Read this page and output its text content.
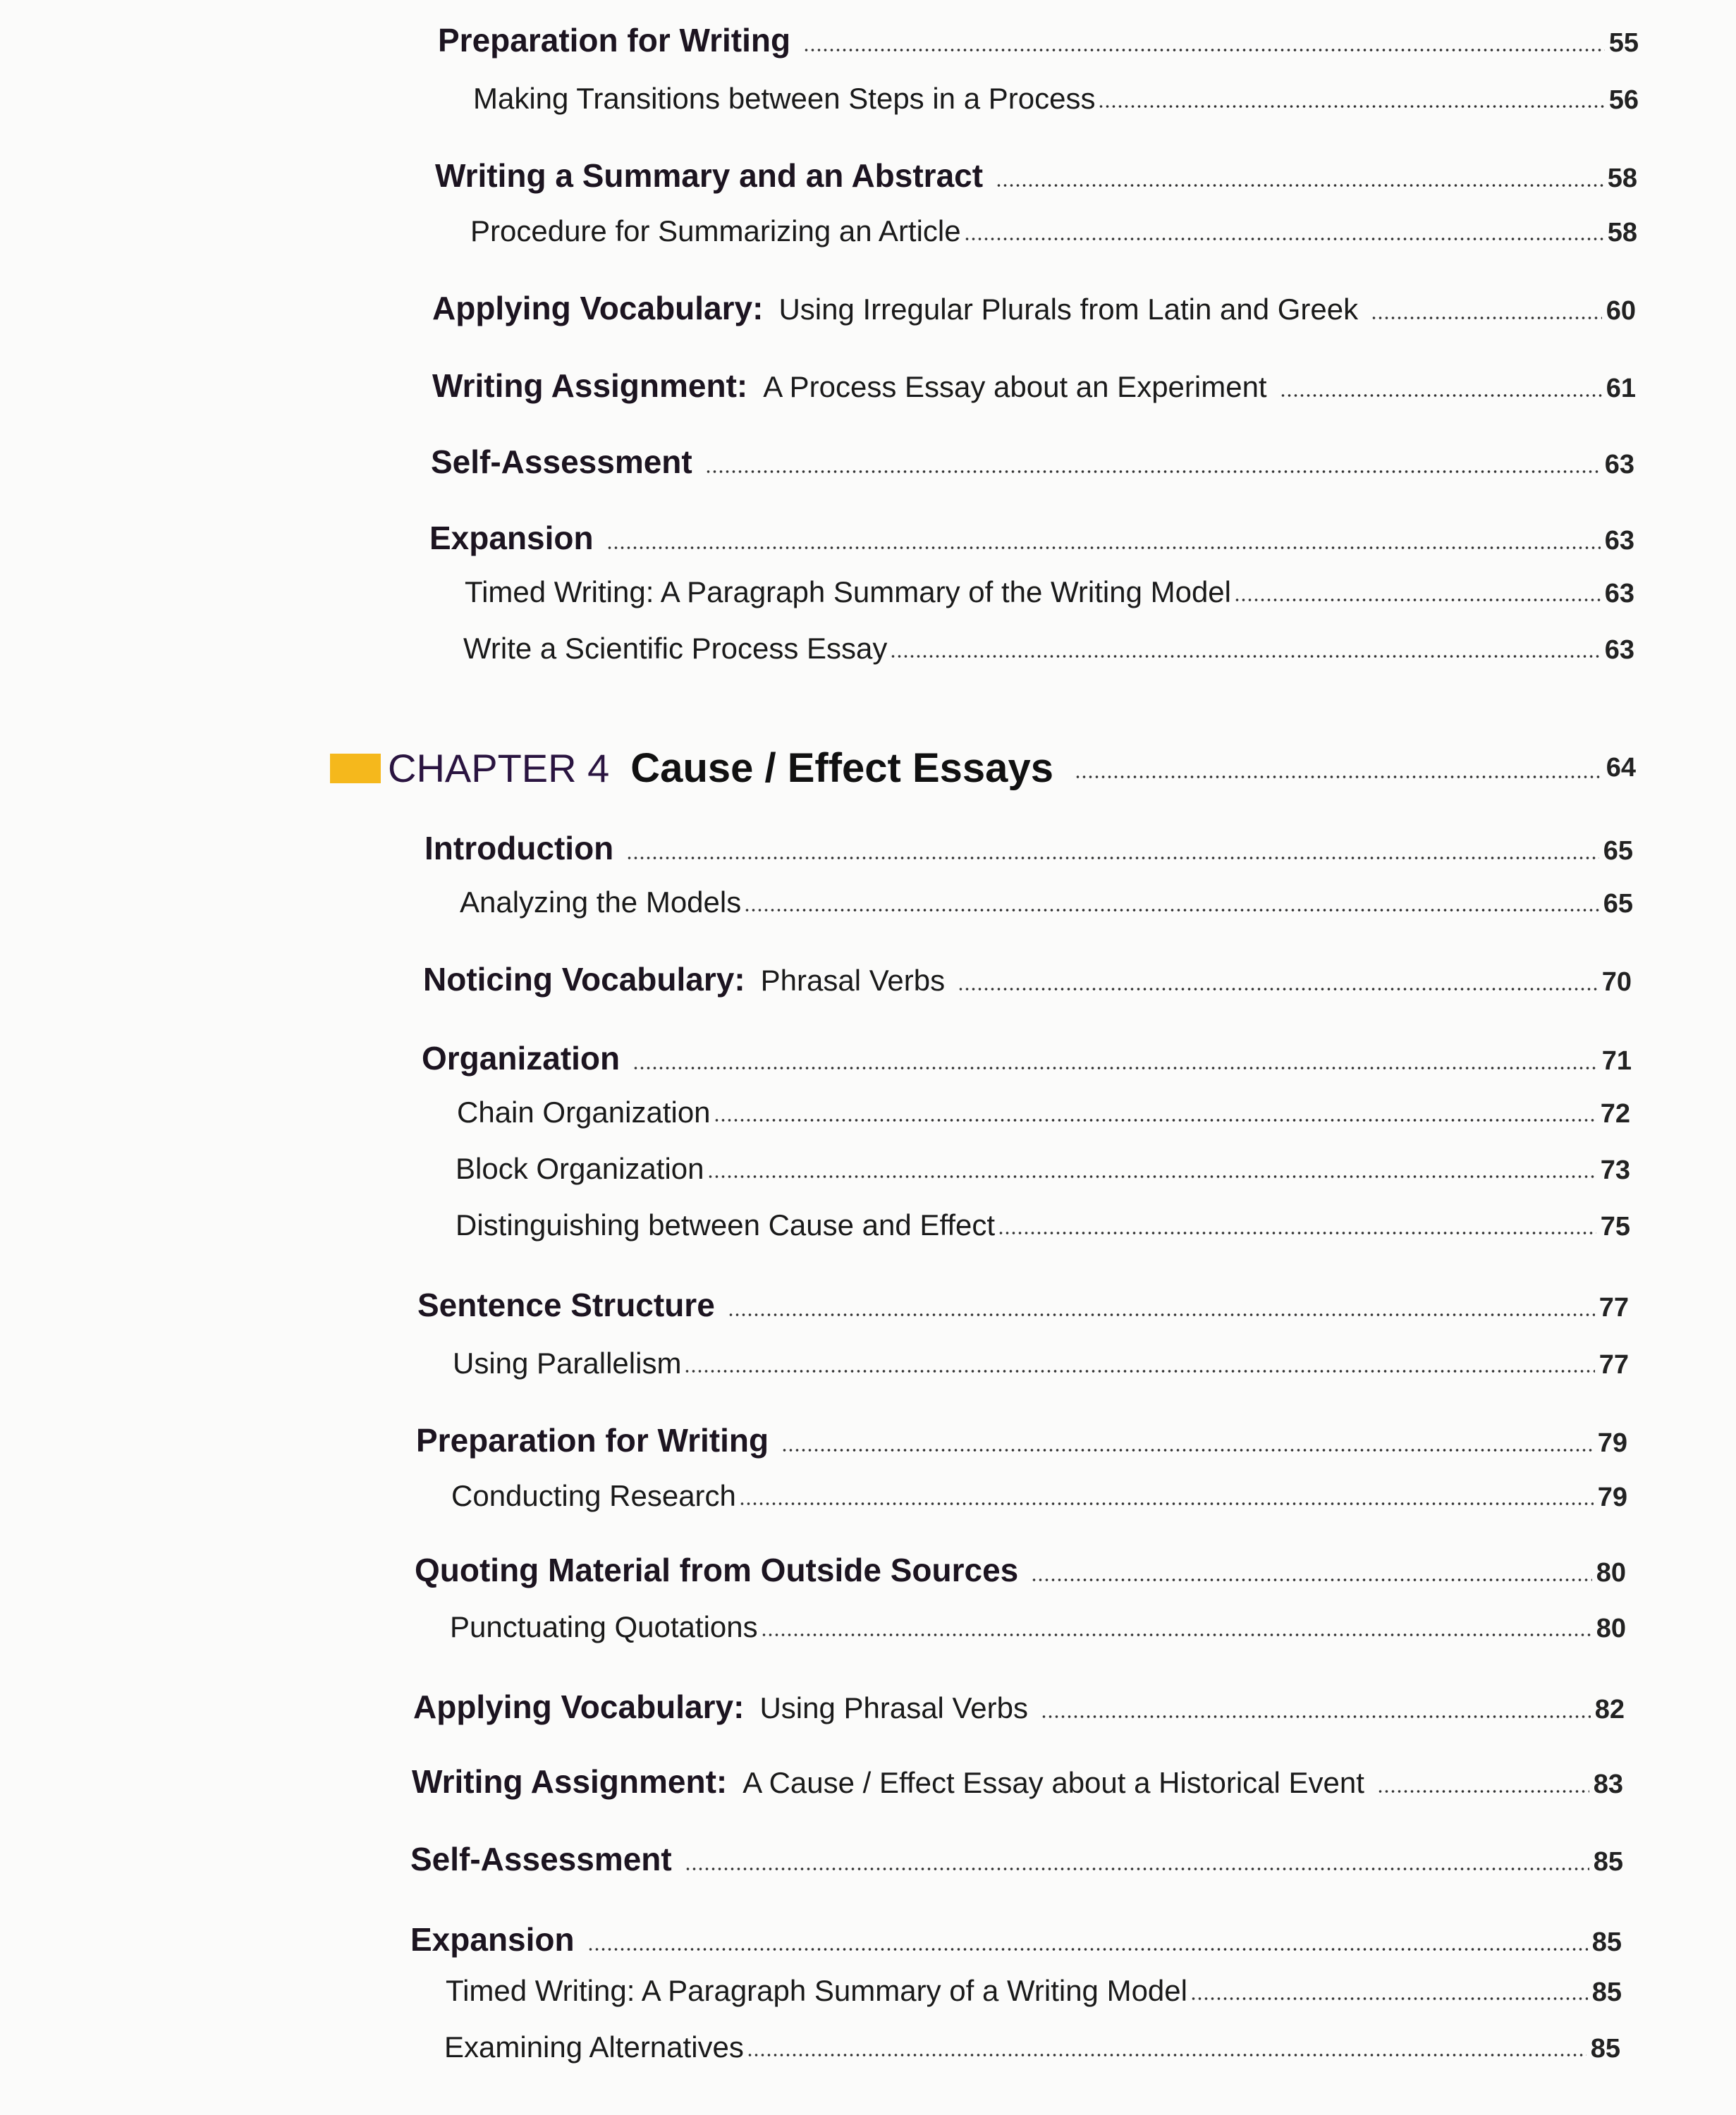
CHAPTER 4 Cause / Effect Essays	64
Preparation for Writing	55
Making Transitions between Steps in a Process	56
Writing a Summary and an Abstract	58
Procedure for Summarizing an Article	58
Applying Vocabulary: Using Irregular Plurals from Latin and Greek	60
Writing Assignment: A Process Essay about an Experiment	61
Self-Assessment	63
Expansion	63
Timed Writing: A Paragraph Summary of the Writing Model	63
Write a Scientific Process Essay	63
Introduction	65
Analyzing the Models	65
Noticing Vocabulary: Phrasal Verbs	70
Organization	71
Chain Organization	72
Block Organization	73
Distinguishing between Cause and Effect	75
Sentence Structure	77
Using Parallelism	77
Preparation for Writing	79
Conducting Research	79
Quoting Material from Outside Sources	80
Punctuating Quotations	80
Applying Vocabulary: Using Phrasal Verbs	82
Writing Assignment: A Cause / Effect Essay about a Historical Event	83
Self-Assessment	85
Expansion	85
Timed Writing: A Paragraph Summary of a Writing Model	85
Examining Alternatives	85
